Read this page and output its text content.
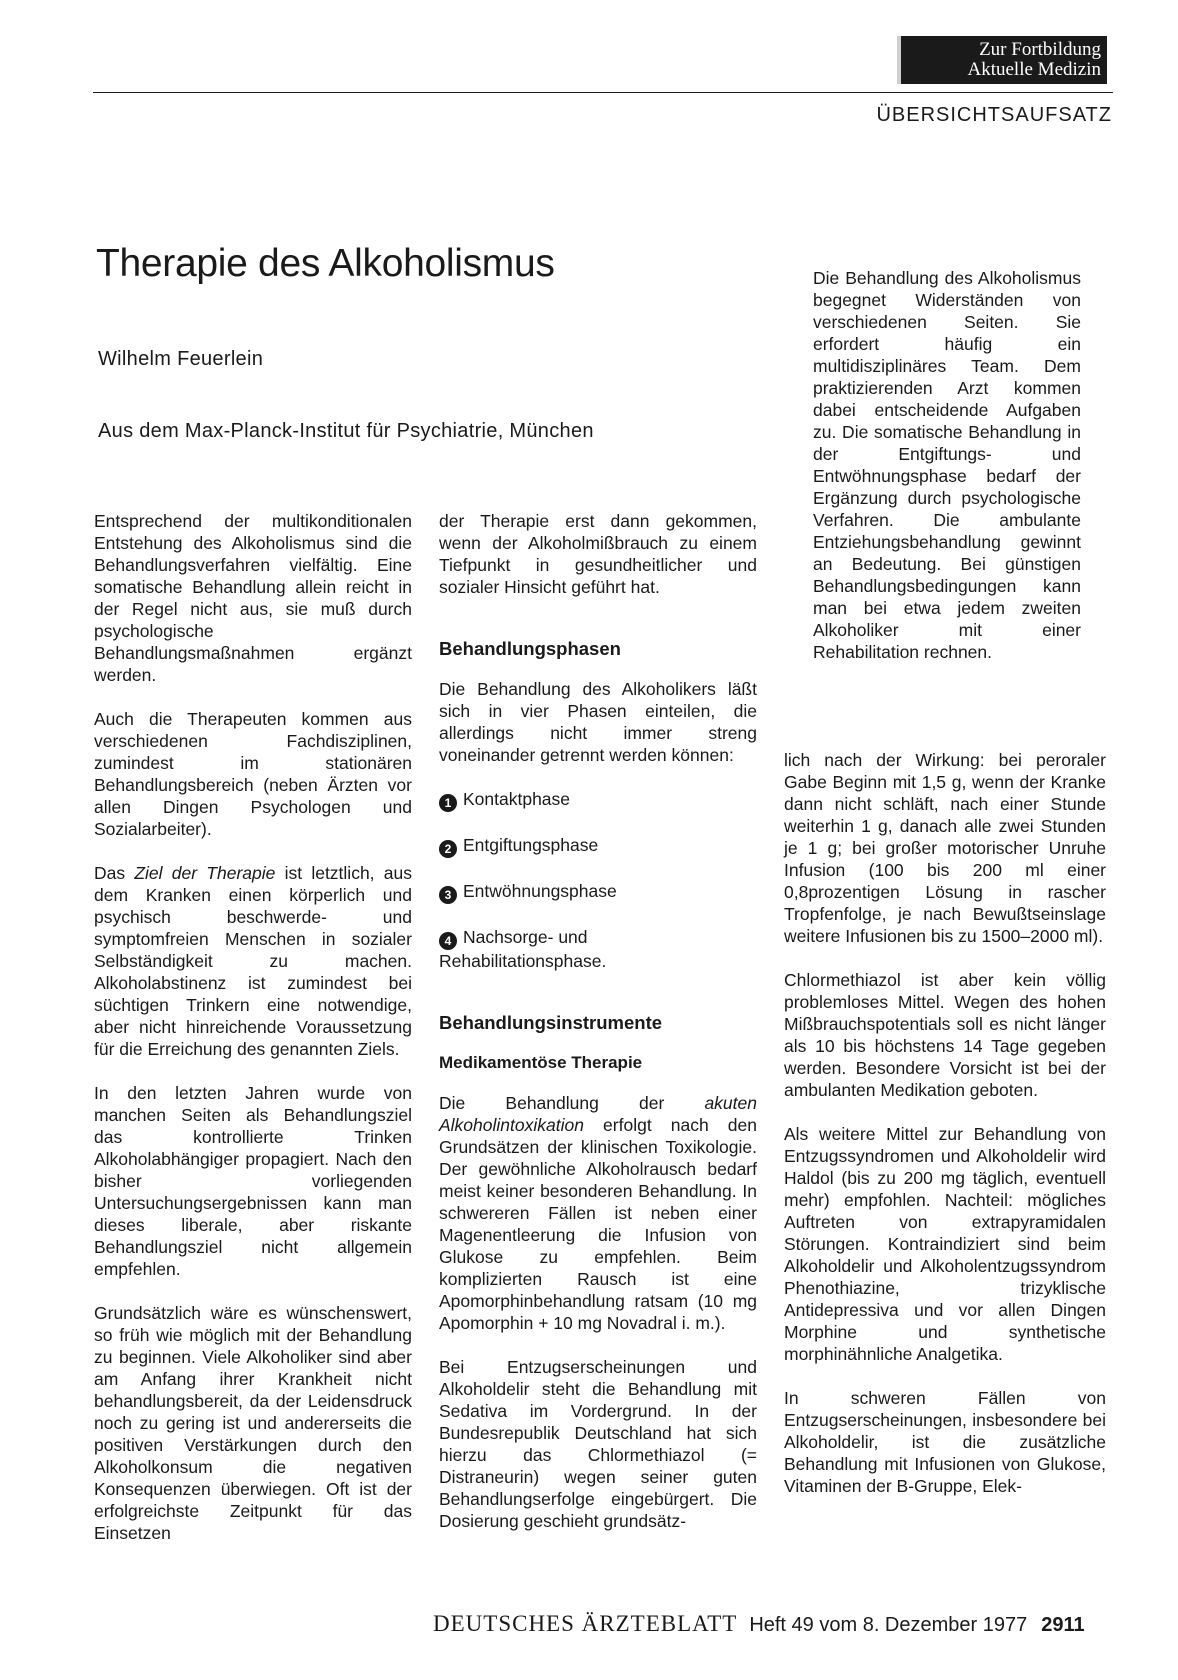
Zur Fortbildung
Aktuelle Medizin
ÜBERSICHTSAUFSATZ
Therapie des Alkoholismus
Wilhelm Feuerlein
Aus dem Max-Planck-Institut für Psychiatrie, München

Entsprechend der multikonditionalen Entstehung des Alkoholismus sind die Behandlungsverfahren vielfältig. Eine somatische Behandlung allein reicht in der Regel nicht aus, sie muß durch psychologische Behandlungsmaßnahmen ergänzt werden.

Auch die Therapeuten kommen aus verschiedenen Fachdisziplinen, zumindest im stationären Behandlungsbereich (neben Ärzten vor allen Dingen Psychologen und Sozialarbeiter).

Das Ziel der Therapie ist letztlich, aus dem Kranken einen körperlich und psychisch beschwerde- und symptomfreien Menschen in sozialer Selbständigkeit zu machen. Alkoholabstinenz ist zumindest bei süchtigen Trinkern eine notwendige, aber nicht hinreichende Voraussetzung für die Erreichung des genannten Ziels.

In den letzten Jahren wurde von manchen Seiten als Behandlungsziel das kontrollierte Trinken Alkoholabhängiger propagiert. Nach den bisher vorliegenden Untersuchungsergebnissen kann man dieses liberale, aber riskante Behandlungsziel nicht allgemein empfehlen.

Grundsätzlich wäre es wünschenswert, so früh wie möglich mit der Behandlung zu beginnen. Viele Alkoholiker sind aber am Anfang ihrer Krankheit nicht behandlungsbereit, da der Leidensdruck noch zu gering ist und andererseits die positiven Verstärkungen durch den Alkoholkonsum die negativen Konsequenzen überwiegen. Oft ist der erfolgreichste Zeitpunkt für das Einsetzen

der Therapie erst dann gekommen, wenn der Alkoholmißbrauch zu einem Tiefpunkt in gesundheitlicher und sozialer Hinsicht geführt hat.

Behandlungsphasen

Die Behandlung des Alkoholikers läßt sich in vier Phasen einteilen, die allerdings nicht immer streng voneinander getrennt werden können:

1 Kontaktphase
2 Entgiftungsphase
3 Entwöhnungsphase
4 Nachsorge- und Rehabilitationsphase.
Behandlungsinstrumente
Medikamentöse Therapie

Die Behandlung der akuten Alkoholintoxikation erfolgt nach den Grundsätzen der klinischen Toxikologie. Der gewöhnliche Alkoholrausch bedarf meist keiner besonderen Behandlung. In schwereren Fällen ist neben einer Magenentleerung die Infusion von Glukose zu empfehlen. Beim komplizierten Rausch ist eine Apomorphinbehandlung ratsam (10 mg Apomorphin + 10 mg Novadral i. m.).

Bei Entzugserscheinungen und Alkoholdelir steht die Behandlung mit Sedativa im Vordergrund. In der Bundesrepublik Deutschland hat sich hierzu das Chlormethiazol (= Distraneurin) wegen seiner guten Behandlungserfolge eingebürgert. Die Dosierung geschieht grundsätz-

Die Behandlung des Alkoholismus begegnet Widerständen von verschiedenen Seiten. Sie erfordert häufig ein multidisziplinäres Team. Dem praktizierenden Arzt kommen dabei entscheidende Aufgaben zu. Die somatische Behandlung in der Entgiftungs- und Entwöhnungsphase bedarf der Ergänzung durch psychologische Verfahren. Die ambulante Entziehungsbehandlung gewinnt an Bedeutung. Bei günstigen Behandlungsbedingungen kann man bei etwa jedem zweiten Alkoholiker mit einer Rehabilitation rechnen.

lich nach der Wirkung: bei peroraler Gabe Beginn mit 1,5 g, wenn der Kranke dann nicht schläft, nach einer Stunde weiterhin 1 g, danach alle zwei Stunden je 1 g; bei großer motorischer Unruhe Infusion (100 bis 200 ml einer 0,8prozentigen Lösung in rascher Tropfenfolge, je nach Bewußtseinslage weitere Infusionen bis zu 1500–2000 ml).

Chlormethiazol ist aber kein völlig problemloses Mittel. Wegen des hohen Mißbrauchspotentials soll es nicht länger als 10 bis höchstens 14 Tage gegeben werden. Besondere Vorsicht ist bei der ambulanten Medikation geboten.

Als weitere Mittel zur Behandlung von Entzugssyndromen und Alkoholdelir wird Haldol (bis zu 200 mg täglich, eventuell mehr) empfohlen. Nachteil: mögliches Auftreten von extrapyramidalen Störungen. Kontraindiziert sind beim Alkoholdelir und Alkoholentzugssyndrom Phenothiazine, trizyklische Antidepressiva und vor allen Dingen Morphine und synthetische morphinähnliche Analgetika.

In schweren Fällen von Entzugserscheinungen, insbesondere bei Alkoholdelir, ist die zusätzliche Behandlung mit Infusionen von Glukose, Vitaminen der B-Gruppe, Elek-

DEUTSCHES ÄRZTEBLATT Heft 49 vom 8. Dezember 1977 2911
